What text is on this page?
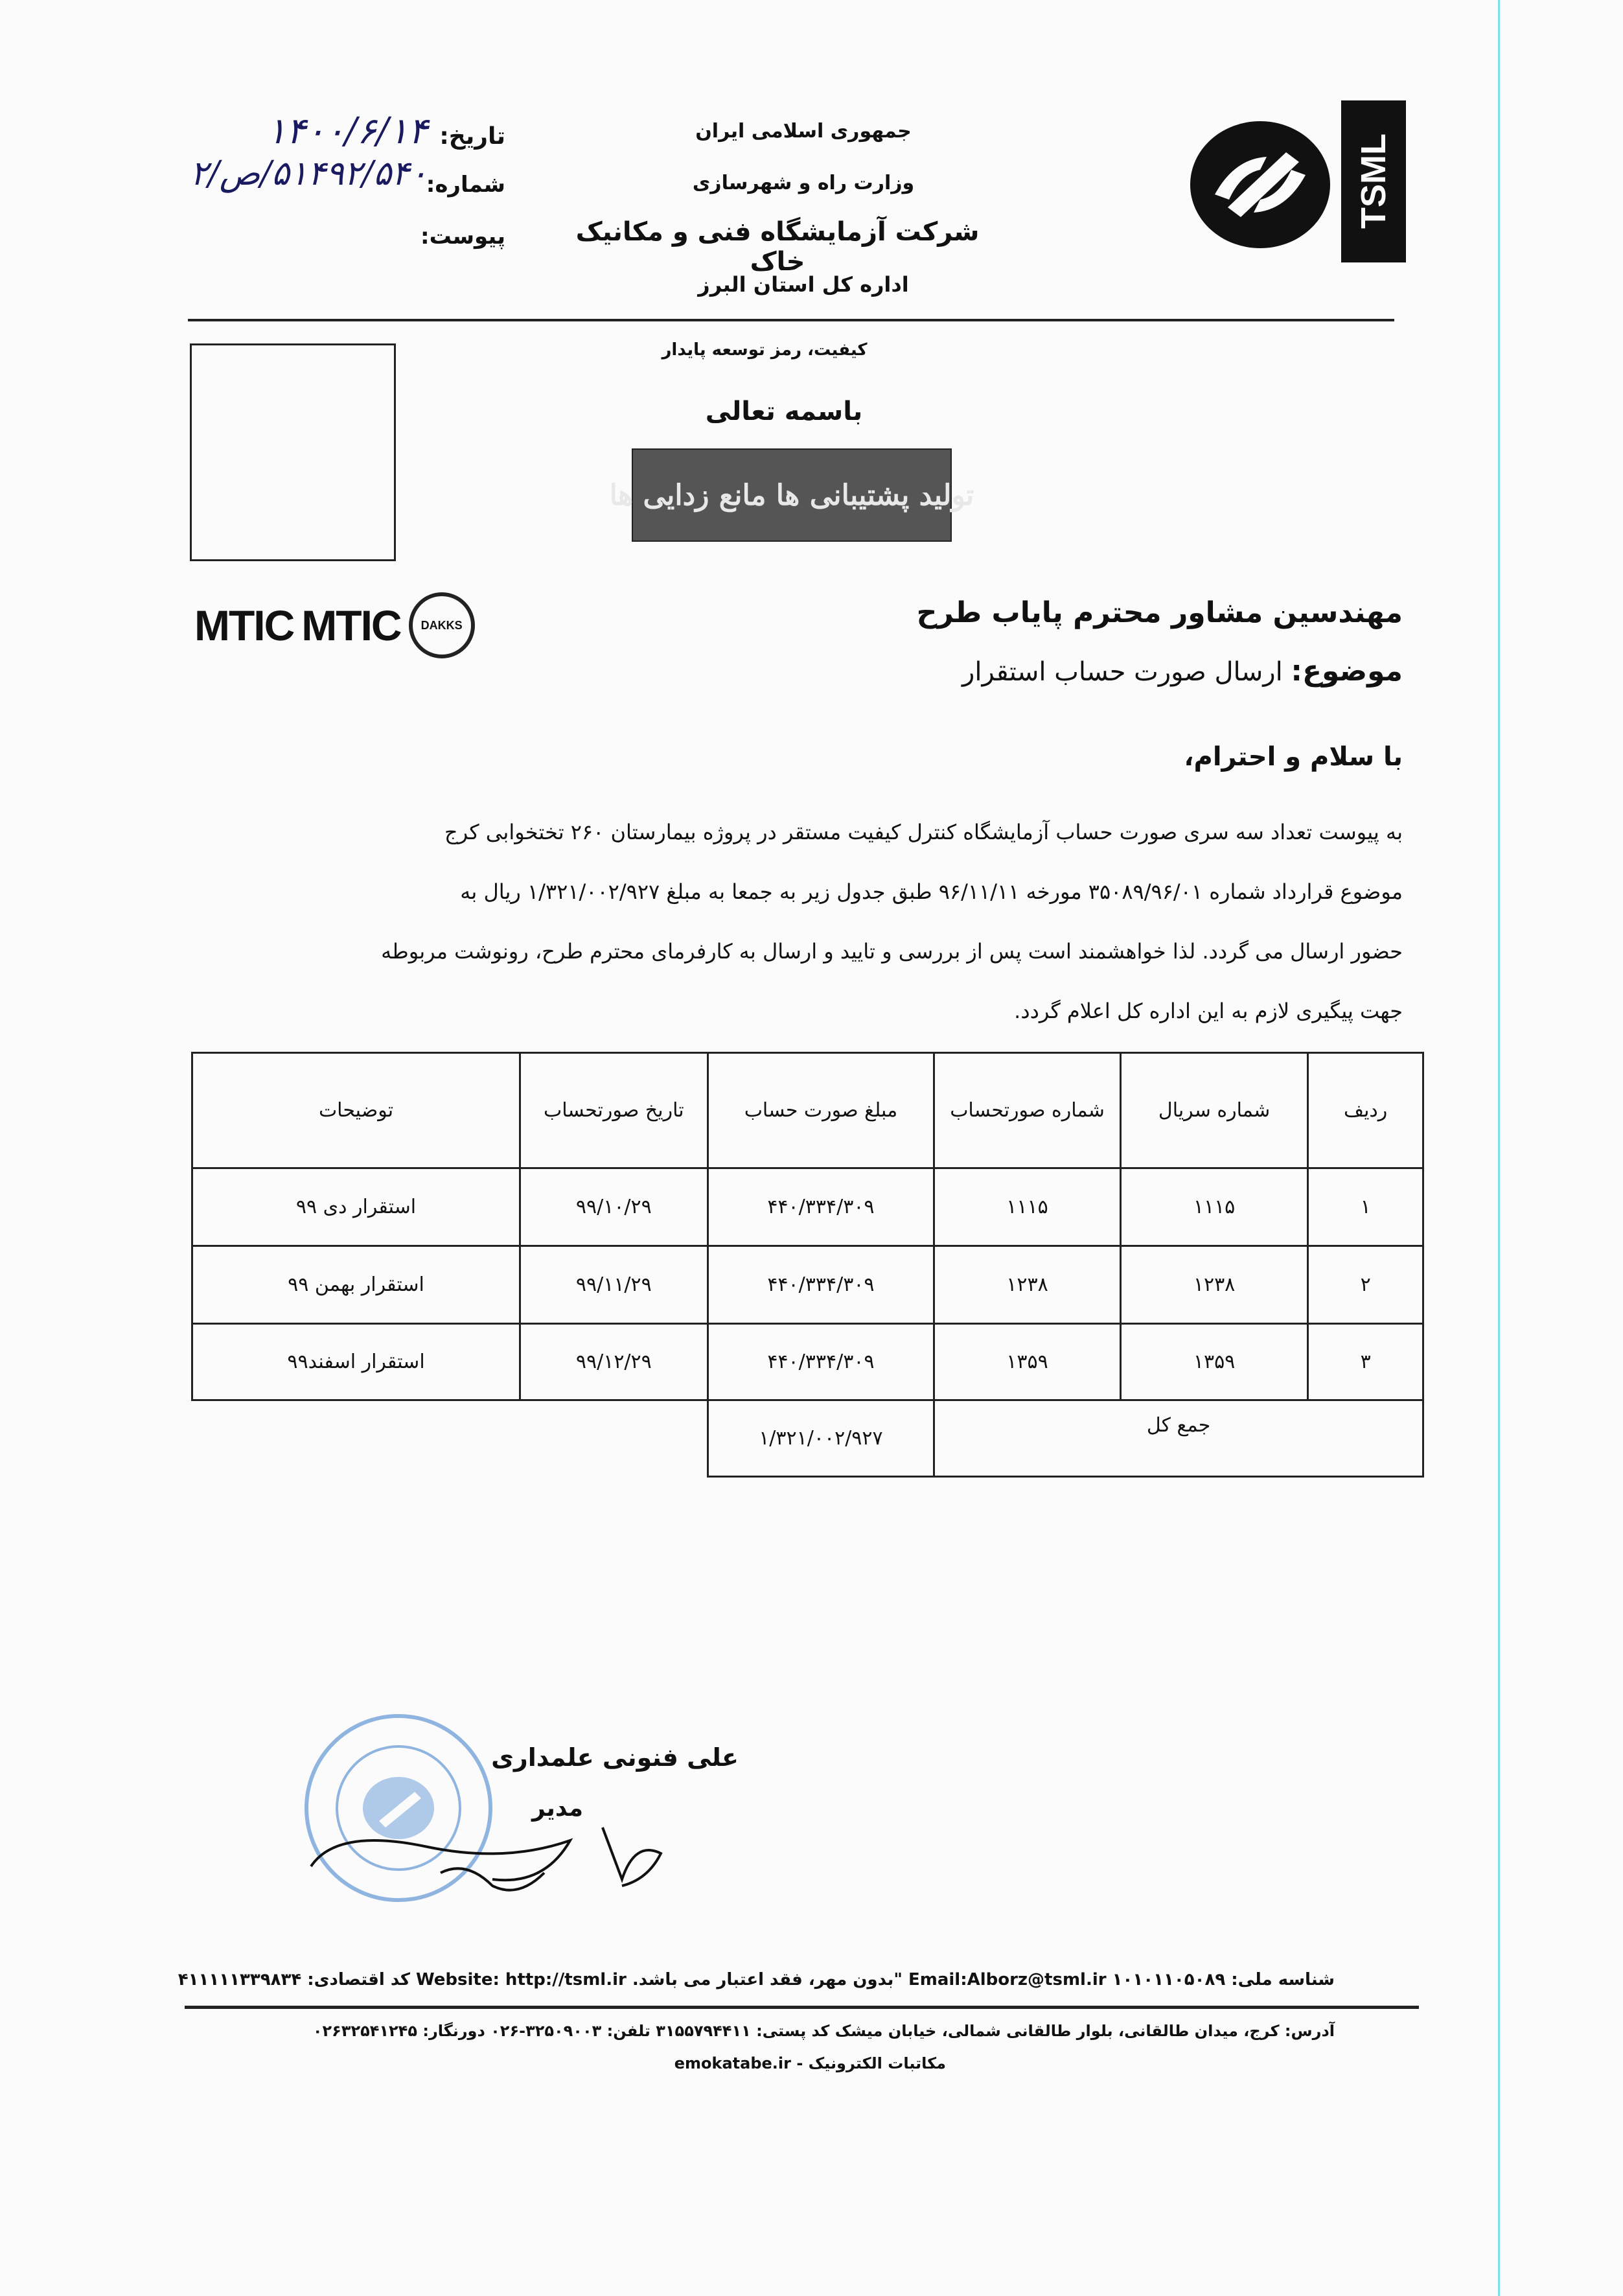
TSML
جمهوری اسلامی ایران
وزارت راه و شهرسازی
شرکت آزمایشگاه فنی و مکانیک خاک
اداره کل استان البرز
تاریخ:
۱۴۰۰/۶/۱۴
شماره:
۵۱۴۹۲/۵۴۰/ص/۲
پیوست:
کیفیت، رمز توسعه پایدار
باسمه تعالی
تولید پشتیبانی ها مانع زدایی ها
MTIC MTIC DAKKS	مهندسین مشاور محترم پایاب طرح
موضوع: ارسال صورت حساب استقرار
با سلام و احترام،
به پیوست تعداد سه سری صورت حساب آزمایشگاه کنترل کیفیت مستقر در پروژه بیمارستان ۲۶۰ تختخوابی کرج
موضوع قرارداد شماره ۳۵۰۸۹/۹۶/۰۱ مورخه ۹۶/۱۱/۱۱ طبق جدول زیر به جمعا به مبلغ ۱/۳۲۱/۰۰۲/۹۲۷ ریال به
حضور ارسال می گردد. لذا خواهشمند است پس از بررسی و تایید و ارسال به کارفرمای محترم طرح، رونوشت مربوطه
جهت پیگیری لازم به این اداره کل اعلام گردد.
ردیف	شماره سریال	شماره صورتحساب	مبلغ صورت حساب	تاریخ صورتحساب	توضیحات
۱	۱۱۱۵	۱۱۱۵	۴۴۰/۳۳۴/۳۰۹	۹۹/۱۰/۲۹	استقرار دی ۹۹
۲	۱۲۳۸	۱۲۳۸	۴۴۰/۳۳۴/۳۰۹	۹۹/۱۱/۲۹	استقرار بهمن ۹۹
۳	۱۳۵۹	۱۳۵۹	۴۴۰/۳۳۴/۳۰۹	۹۹/۱۲/۲۹	استقرار اسفند۹۹
جمع کل			۱/۳۲۱/۰۰۲/۹۲۷		
علی فنونی علمداری
مدیر
شناسه ملی: ۱۰۱۰۱۱۰۵۰۸۹ Email:Alborz@tsml.ir "بدون مهر، فقد اعتبار می باشد. Website: http://tsml.ir کد اقتصادی: ۴۱۱۱۱۱۳۳۹۸۳۴
آدرس: کرج، میدان طالقانی، بلوار طالقانی شمالی، خیابان میشک کد پستی: ۳۱۵۵۷۹۴۴۱۱ تلفن: ۳۲۵۰۹۰۰۳-۰۲۶ دورنگار: ۰۲۶۳۲۵۴۱۲۴۵
مکاتبات الکترونیک - emokatabe.ir
